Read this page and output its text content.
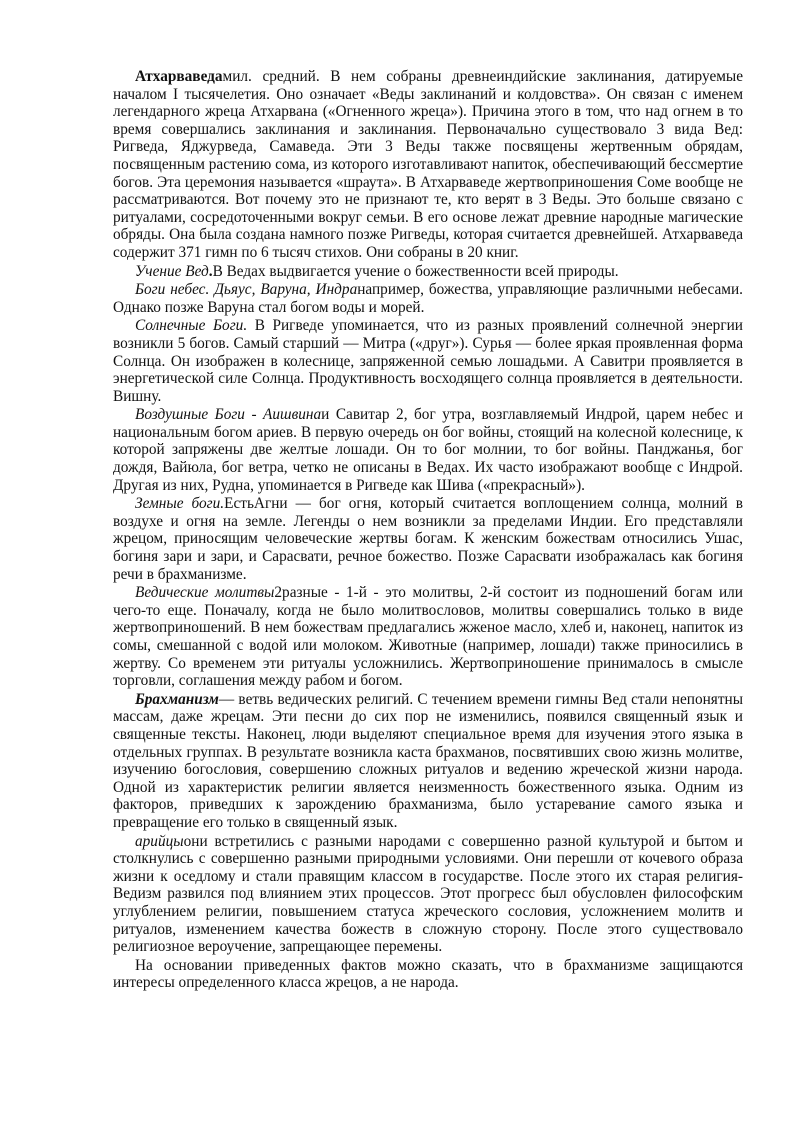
Атхарваведамил. средний. В нем собраны древнеиндийские заклинания, датируемые началом I тысячелетия. Оно означает «Веды заклинаний и колдовства». Он связан с именем легендарного жреца Атхарвана («Огненного жреца»). Причина этого в том, что над огнем в то время совершались заклинания и заклинания. Первоначально существовало 3 вида Вед: Ригведа, Яджурведа, Самаведа. Эти 3 Веды также посвящены жертвенным обрядам, посвященным растению сома, из которого изготавливают напиток, обеспечивающий бессмертие богов. Эта церемония называется «шраута». В Атхарваведе жертвоприношения Соме вообще не рассматриваются. Вот почему это не признают те, кто верят в 3 Веды. Это больше связано с ритуалами, сосредоточенными вокруг семьи. В его основе лежат древние народные магические обряды. Она была создана намного позже Ригведы, которая считается древнейшей. Атхарваведа содержит 371 гимн по 6 тысяч стихов. Они собраны в 20 книг.

Учение Вед.В Ведах выдвигается учение о божественности всей природы.

Боги небес. Дьяус, Варуна, Индранапример, божества, управляющие различными небесами. Однако позже Варуна стал богом воды и морей.

Солнечные Боги. В Ригведе упоминается, что из разных проявлений солнечной энергии возникли 5 богов. Самый старший — Митра («друг»). Сурья — более яркая проявленная форма Солнца. Он изображен в колеснице, запряженной семью лошадьми. А Савитри проявляется в энергетической силе Солнца. Продуктивность восходящего солнца проявляется в деятельности. Вишну.

Воздушные Боги - Аишвинаи Савитар 2, бог утра, возглавляемый Индрой, царем небес и национальным богом ариев. В первую очередь он бог войны, стоящий на колесной колеснице, к которой запряжены две желтые лошади. Он то бог молнии, то бог войны. Панджанья, бог дождя, Вайюла, бог ветра, четко не описаны в Ведах. Их часто изображают вообще с Индрой. Другая из них, Рудна, упоминается в Ригведе как Шива («прекрасный»).

Земные боги.ЕстьАгни — бог огня, который считается воплощением солнца, молний в воздухе и огня на земле. Легенды о нем возникли за пределами Индии. Его представляли жрецом, приносящим человеческие жертвы богам. К женским божествам относились Ушас, богиня зари и зари, и Сарасвати, речное божество. Позже Сарасвати изображалась как богиня речи в брахманизме.

Ведические молитвы2разные - 1-й - это молитвы, 2-й состоит из подношений богам или чего-то еще. Поначалу, когда не было молитвословов, молитвы совершались только в виде жертвоприношений. В нем божествам предлагались жженое масло, хлеб и, наконец, напиток из сомы, смешанной с водой или молоком. Животные (например, лошади) также приносились в жертву. Со временем эти ритуалы усложнились. Жертвоприношение принималось в смысле торговли, соглашения между рабом и богом.

Брахманизм— ветвь ведических религий. С течением времени гимны Вед стали непонятны массам, даже жрецам. Эти песни до сих пор не изменились, появился священный язык и священные тексты. Наконец, люди выделяют специальное время для изучения этого языка в отдельных группах. В результате возникла каста брахманов, посвятивших свою жизнь молитве, изучению богословия, совершению сложных ритуалов и ведению жреческой жизни народа. Одной из характеристик религии является неизменность божественного языка. Одним из факторов, приведших к зарождению брахманизма, было устаревание самого языка и превращение его только в священный язык.

арийцыони встретились с разными народами с совершенно разной культурой и бытом и столкнулись с совершенно разными природными условиями. Они перешли от кочевого образа жизни к оседлому и стали правящим классом в государстве. После этого их старая религия- Ведизм развился под влиянием этих процессов. Этот прогресс был обусловлен философским углублением религии, повышением статуса жреческого сословия, усложнением молитв и ритуалов, изменением качества божеств в сложную сторону. После этого существовало религиозное вероучение, запрещающее перемены.

На основании приведенных фактов можно сказать, что в брахманизме защищаются интересы определенного класса жрецов, а не народа.
